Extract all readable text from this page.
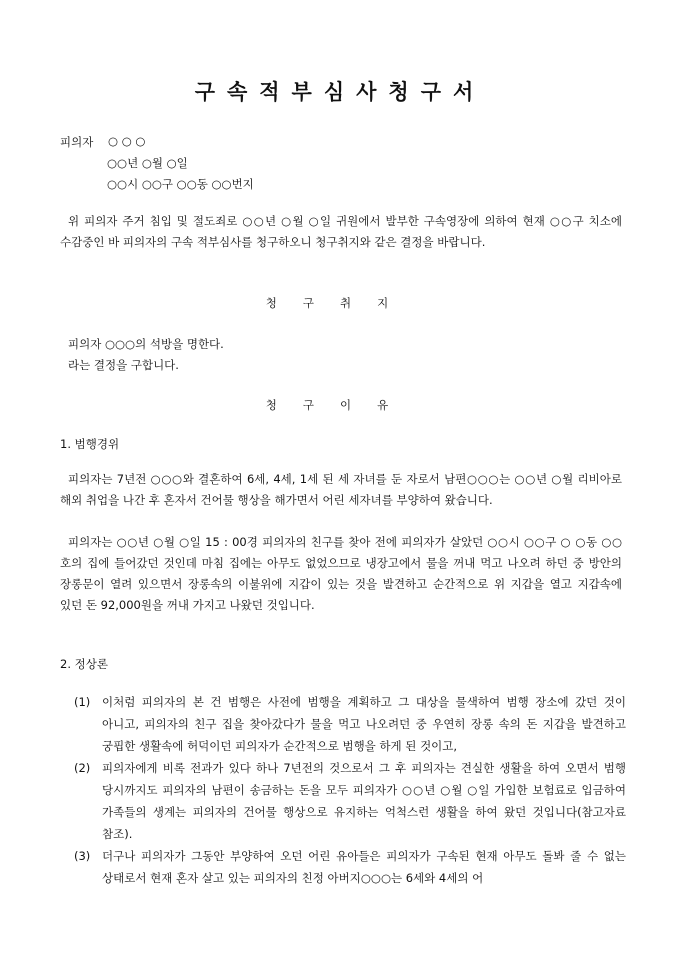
구속적부심사청구서
피의자 ○ ○ ○
○○년 ○월 ○일
○○시 ○○구 ○○동 ○○번지
위 피의자 주거 침입 및 절도죄로 ○○년 ○월 ○일 귀원에서 발부한 구속영장에 의하여 현재 ○○구 치소에 수감중인 바 피의자의 구속 적부심사를 청구하오니 청구취지와 같은 결정을 바랍니다.
청구취지
피의자 ○○○의 석방을 명한다.
라는 결정을 구합니다.
청구이유
1. 범행경위
피의자는 7년전 ○○○와 결혼하여 6세, 4세, 1세 된 세 자녀를 둔 자로서 남편○○○는 ○○년 ○월 리비아로 해외 취업을 나간 후 혼자서 건어물 행상을 해가면서 어린 세자녀를 부양하여 왔습니다.
피의자는 ○○년 ○월 ○일 15 : 00경 피의자의 친구를 찾아 전에 피의자가 살았던 ○○시 ○○구 ○ ○동 ○○호의 집에 들어갔던 것인데 마침 집에는 아무도 없었으므로 냉장고에서 물을 꺼내 먹고 나오려 하던 중 방안의 장롱문이 열려 있으면서 장롱속의 이불위에 지갑이 있는 것을 발견하고 순간적으로 위 지갑을 열고 지갑속에 있던 돈 92,000원을 꺼내 가지고 나왔던 것입니다.
2. 정상론
(1) 이처럼 피의자의 본 건 범행은 사전에 범행을 계획하고 그 대상을 물색하여 범행 장소에 갔던 것이 아니고, 피의자의 친구 집을 찾아갔다가 물을 먹고 나오려던 중 우연히 장롱 속의 돈 지갑을 발견하고 궁핍한 생활속에 허덕이던 피의자가 순간적으로 범행을 하게 된 것이고,
(2) 피의자에게 비록 전과가 있다 하나 7년전의 것으로서 그 후 피의자는 견실한 생활을 하여 오면서 범행 당시까지도 피의자의 남편이 송금하는 돈을 모두 피의자가 ○○년 ○월 ○일 가입한 보험료로 입금하여 가족들의 생계는 피의자의 건어물 행상으로 유지하는 억척스런 생활을 하여 왔던 것입니다(참고자료 참조).
(3) 더구나 피의자가 그동안 부양하여 오던 어린 유아들은 피의자가 구속된 현재 아무도 돌봐 줄 수 없는 상태로서 현재 혼자 살고 있는 피의자의 친정 아버지○○○는 6세와 4세의 어
